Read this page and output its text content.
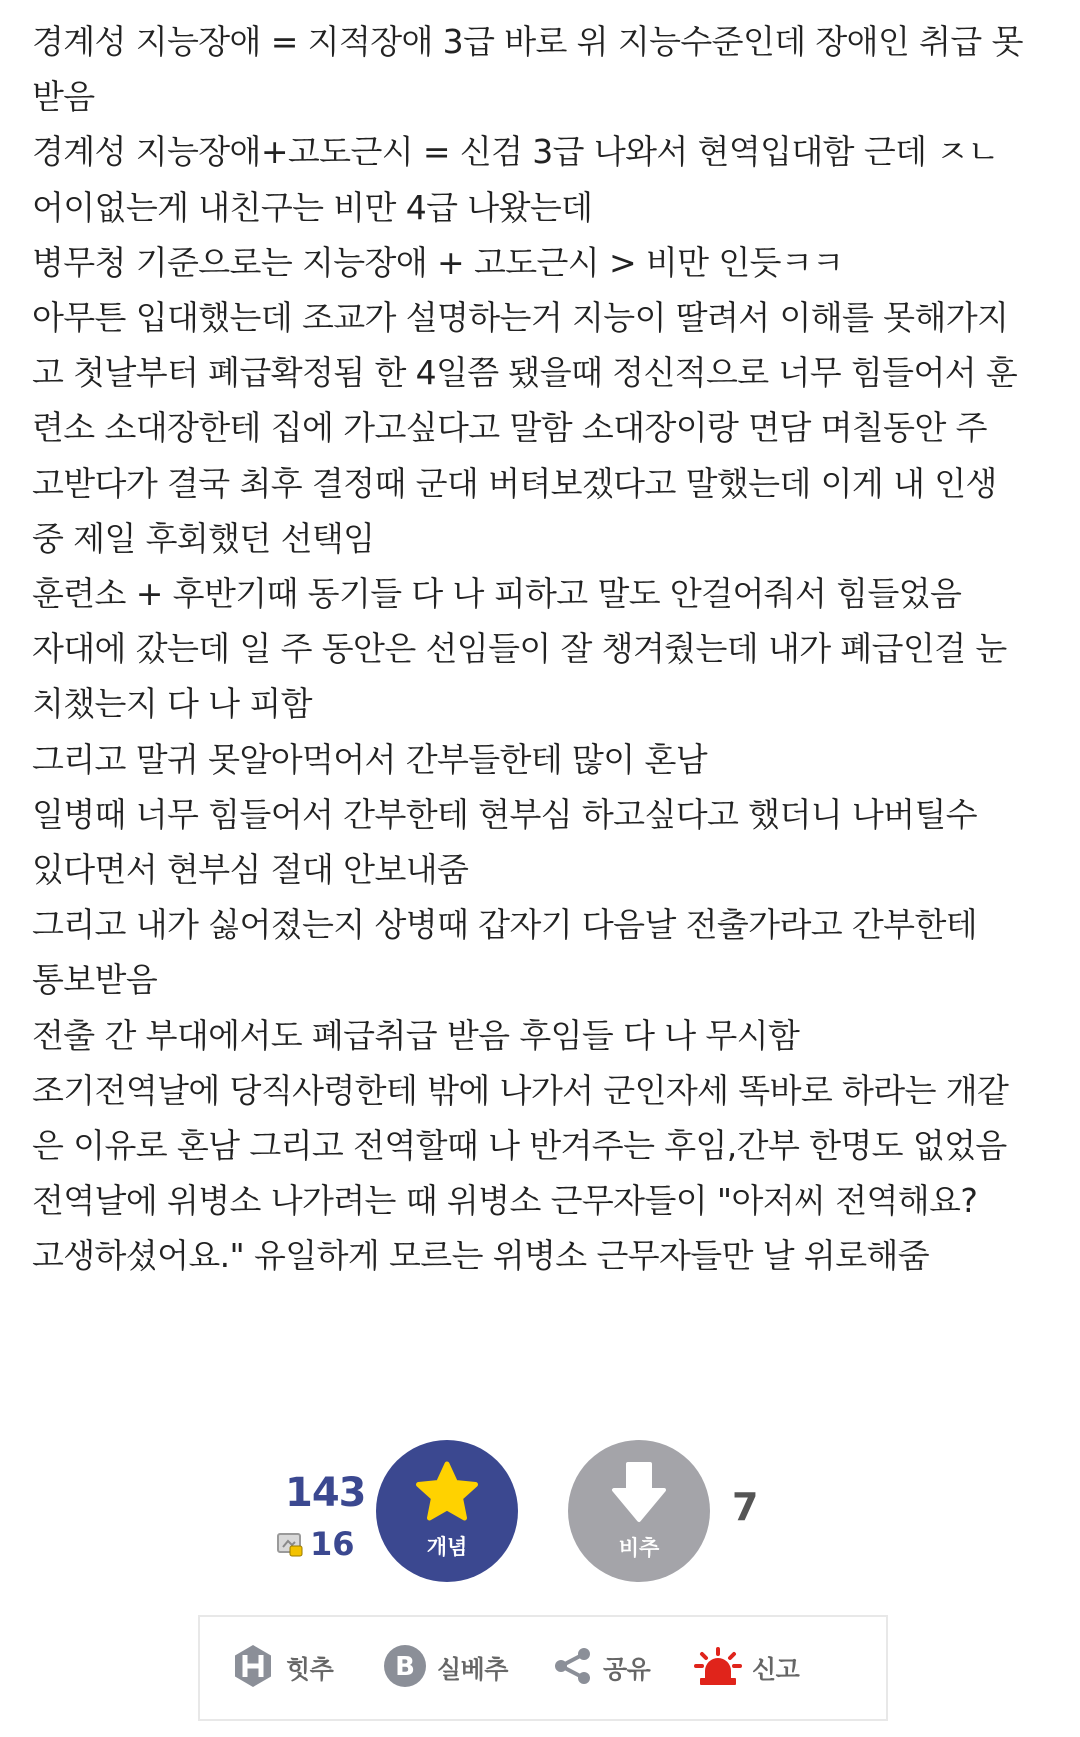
경계성 지능장애 = 지적장애 3급 바로 위 지능수준인데 장애인 취급 못
받음
경계성 지능장애+고도근시 = 신검 3급 나와서 현역입대함 근데 ㅈㄴ
어이없는게 내친구는 비만 4급 나왔는데
병무청 기준으로는 지능장애 + 고도근시 > 비만 인듯ㅋㅋ
아무튼 입대했는데 조교가 설명하는거 지능이 딸려서 이해를 못해가지
고 첫날부터 폐급확정됨 한 4일쯤 됐을때 정신적으로 너무 힘들어서 훈
련소 소대장한테 집에 가고싶다고 말함 소대장이랑 면담 며칠동안 주
고받다가 결국 최후 결정때 군대 버텨보겠다고 말했는데 이게 내 인생
중 제일 후회했던 선택임
훈련소 + 후반기때 동기들 다 나 피하고 말도 안걸어줘서 힘들었음
자대에 갔는데 일 주 동안은 선임들이 잘 챙겨줬는데 내가 폐급인걸 눈
치챘는지 다 나 피함
그리고 말귀 못알아먹어서 간부들한테 많이 혼남
일병때 너무 힘들어서 간부한테 현부심 하고싶다고 했더니 나버틸수
있다면서 현부심 절대 안보내줌
그리고 내가 싫어졌는지 상병때 갑자기 다음날 전출가라고 간부한테
통보받음
전출 간 부대에서도 폐급취급 받음 후임들 다 나 무시함
조기전역날에 당직사령한테 밖에 나가서 군인자세 똑바로 하라는 개같
은 이유로 혼남 그리고 전역할때 나 반겨주는 후임,간부 한명도 없었음
전역날에 위병소 나가려는 때 위병소 근무자들이 "아저씨 전역해요?
고생하셨어요." 유일하게 모르는 위병소 근무자들만 날 위로해줌
143
16	개념	비추
7
힛추 B 실베추	공유	신고
